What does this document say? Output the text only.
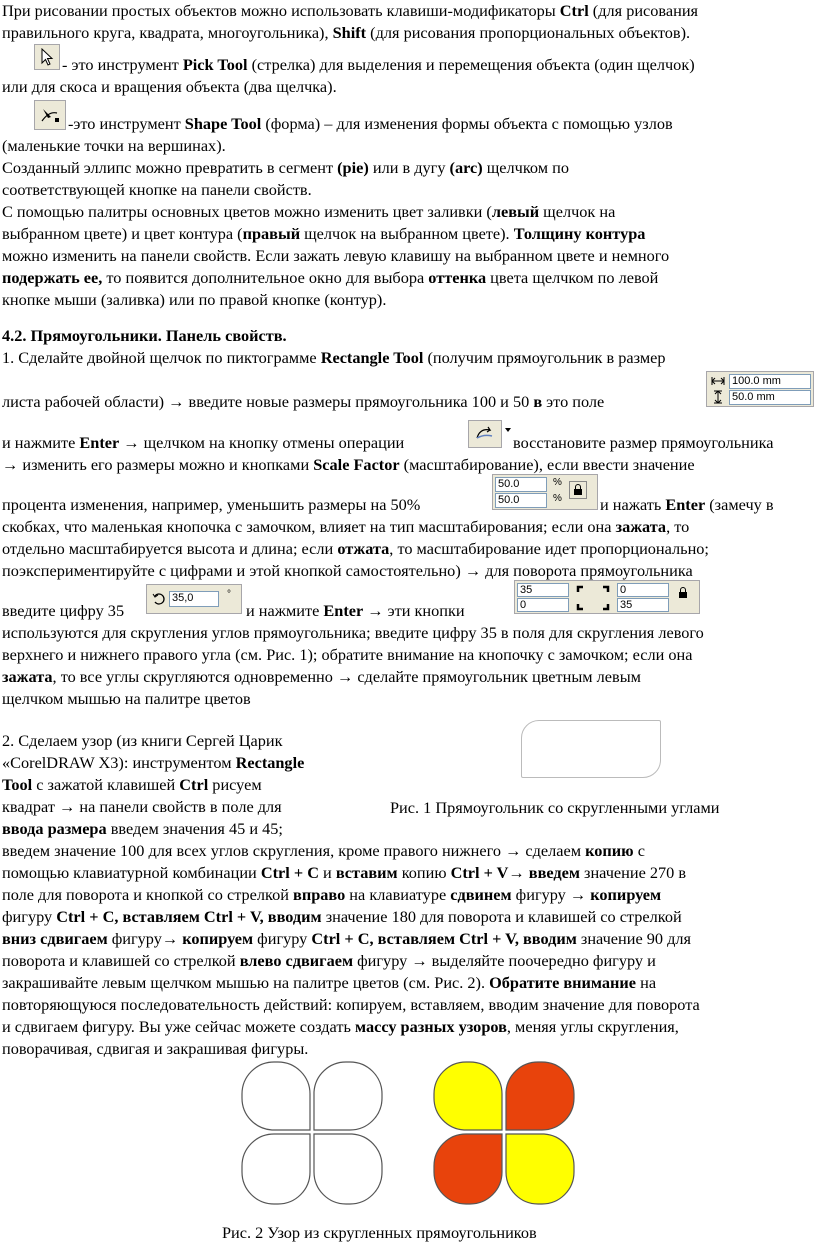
При рисовании простых объектов можно использовать клавиши-модификаторы Ctrl (для рисования
правильного круга, квадрата, многоугольника), Shift (для рисования пропорциональных объектов).
- это инструмент Pick Tool (стрелка) для выделения и перемещения объекта (один щелчок)
или для скоса и вращения объекта (два щелчка).
-это инструмент Shape Tool (форма) – для изменения формы объекта с помощью узлов
(маленькие точки на вершинах).
Созданный эллипс можно превратить в сегмент (pie) или в дугу (arc) щелчком по
соответствующей кнопке на панели свойств.
С помощью палитры основных цветов можно изменить цвет заливки (левый щелчок на
выбранном цвете) и цвет контура (правый щелчок на выбранном цвете). Толщину контура
можно изменить на панели свойств. Если зажать левую клавишу на выбранном цвете и немного
подержать ее, то появится дополнительное окно для выбора оттенка цвета щелчком по левой
кнопке мыши (заливка) или по правой кнопке (контур).
4.2. Прямоугольники. Панель свойств.
1. Сделайте двойной щелчок по пиктограмме Rectangle Tool (получим прямоугольник в размер
листа рабочей области) → введите новые размеры прямоугольника 100 и 50 в это поле
100.0 mm
50.0 mm
и нажмите Enter → щелчком на кнопку отмены операции	восстановите размер прямоугольника
→ изменить его размеры можно и кнопками Scale Factor (масштабирование), если ввести значение
процента изменения, например, уменьшить размеры на 50%
50.0
50.0
%
% и нажать Enter (замечу в
скобках, что маленькая кнопочка с замочком, влияет на тип масштабирования; если она зажата, то
отдельно масштабируется высота и длина; если отжата, то масштабирование идет пропорционально;
поэкспериментируйте с цифрами и этой кнопкой самостоятельно) → для поворота прямоугольника
введите цифру 35
35,0	°
и нажмите Enter → эти кнопки
35
0
0
35
используются для скругления углов прямоугольника; введите цифру 35 в поля для скругления левого
верхнего и нижнего правого угла (см. Рис. 1); обратите внимание на кнопочку с замочком; если она
зажата, то все углы скругляются одновременно → сделайте прямоугольник цветным левым
щелчком мышью на палитре цветов
2. Сделаем узор (из книги Сергей Царик
«CorelDRAW X3): инструментом Rectangle
Tool с зажатой клавишей Ctrl рисуем
квадрат → на панели свойств в поле для
ввода размера введем значения 45 и 45;
Рис. 1 Прямоугольник со скругленными углами
введем значение 100 для всех углов скругления, кроме правого нижнего → сделаем копию с
помощью клавиатурной комбинации Ctrl + C и вставим копию Ctrl + V→ введем значение 270 в
поле для поворота и кнопкой со стрелкой вправо на клавиатуре сдвинем фигуру → копируем
фигуру Ctrl + C, вставляем Ctrl + V, вводим значение 180 для поворота и клавишей со стрелкой
вниз сдвигаем фигуру→ копируем фигуру Ctrl + C, вставляем Ctrl + V, вводим значение 90 для
поворота и клавишей со стрелкой влево сдвигаем фигуру → выделяйте поочередно фигуру и
закрашивайте левым щелчком мышью на палитре цветов (см. Рис. 2). Обратите внимание на
повторяющуюся последовательность действий: копируем, вставляем, вводим значение для поворота
и сдвигаем фигуру. Вы уже сейчас можете создать массу разных узоров, меняя углы скругления,
поворачивая, сдвигая и закрашивая фигуры.
Рис. 2 Узор из скругленных прямоугольников
